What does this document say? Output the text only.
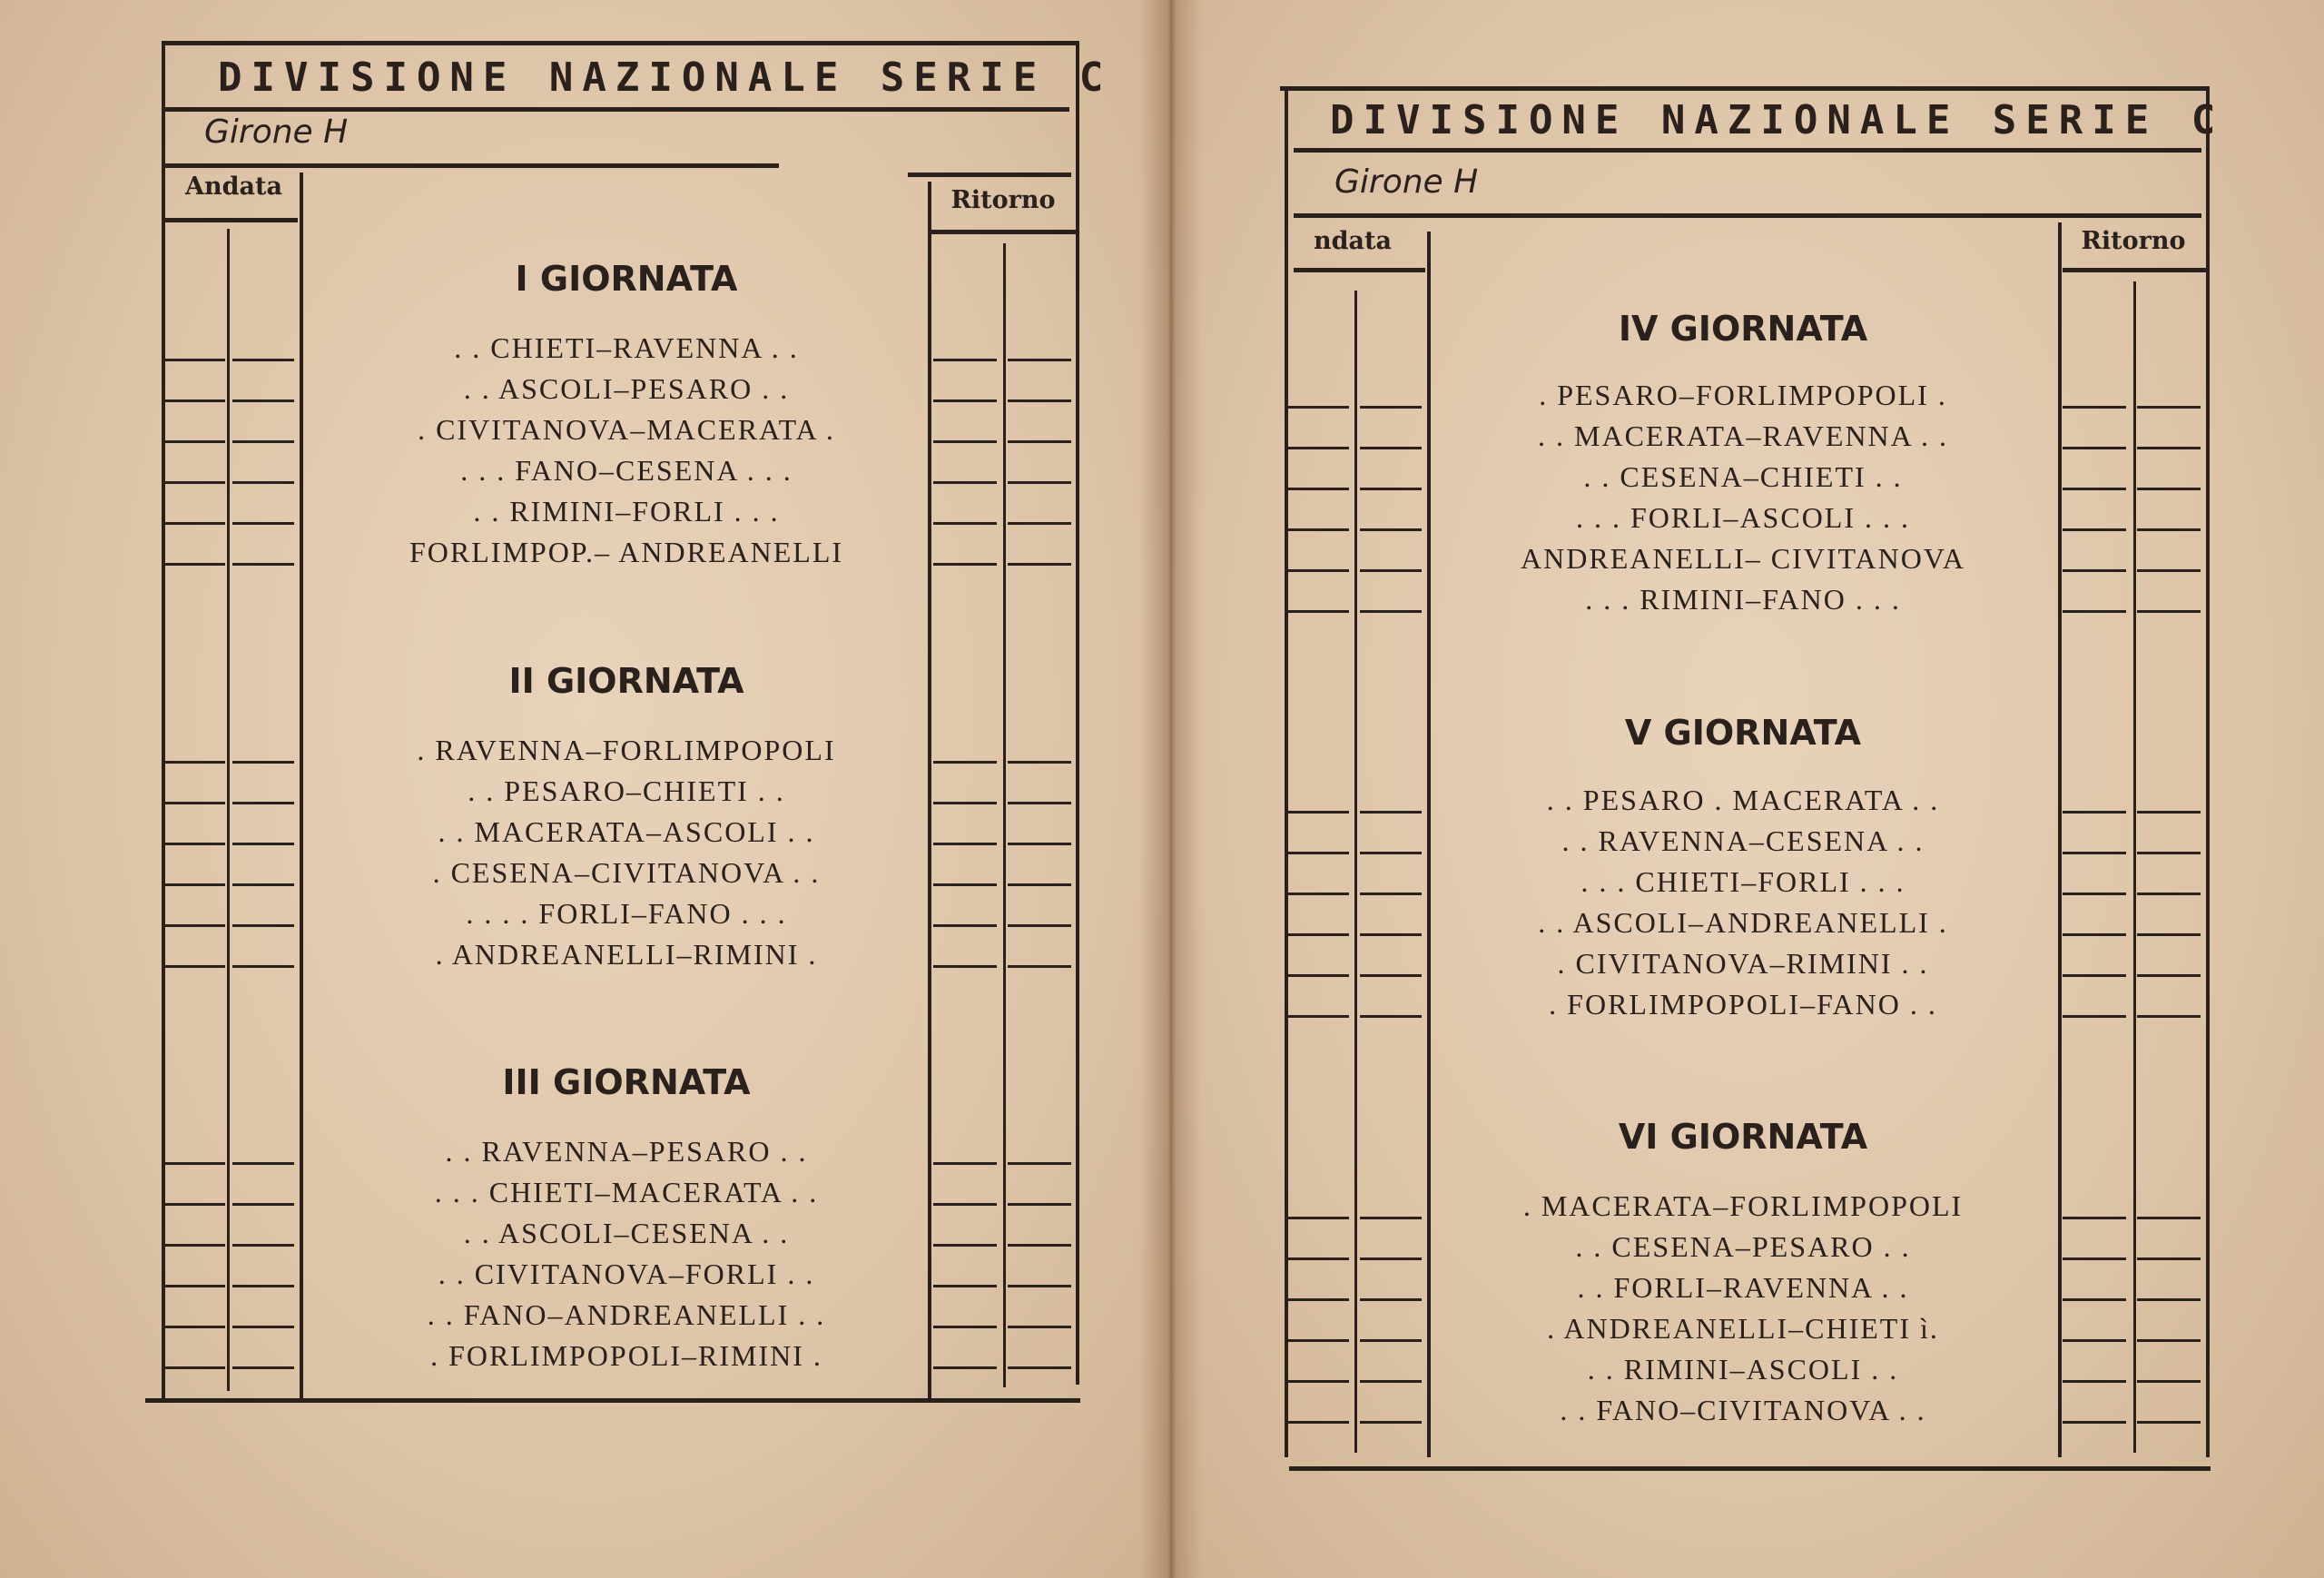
DIVISIONE NAZIONALE SERIE C
Girone H
Andata	Ritorno
I GIORNATA
. . CHIETI–RAVENNA . .
. . ASCOLI–PESARO . .
. CIVITANOVA–MACERATA .
. . . FANO–CESENA . . .
. . RIMINI–FORLI . . .
FORLIMPOP.– ANDREANELLI
II GIORNATA
. RAVENNA–FORLIMPOPOLI
. . PESARO–CHIETI . .
. . MACERATA–ASCOLI . .
. CESENA–CIVITANOVA . .
. . . . FORLI–FANO . . .
. ANDREANELLI–RIMINI .
III GIORNATA
. . RAVENNA–PESARO . .
. . . CHIETI–MACERATA . .
. . ASCOLI–CESENA . .
. . CIVITANOVA–FORLI . .
. . FANO–ANDREANELLI . .
. FORLIMPOPOLI–RIMINI .
DIVISIONE NAZIONALE SERIE C
Girone H
ndata	Ritorno
IV GIORNATA
. PESARO–FORLIMPOPOLI .
. . MACERATA–RAVENNA . .
. . CESENA–CHIETI . .
. . . FORLI–ASCOLI . . .
ANDREANELLI– CIVITANOVA
. . . RIMINI–FANO . . .
V GIORNATA
. . PESARO . MACERATA . .
. . RAVENNA–CESENA . .
. . . CHIETI–FORLI . . .
. . ASCOLI–ANDREANELLI .
. CIVITANOVA–RIMINI . .
. FORLIMPOPOLI–FANO . .
VI GIORNATA
. MACERATA–FORLIMPOPOLI
. . CESENA–PESARO . .
. . FORLI–RAVENNA . .
. ANDREANELLI–CHIETI ì.
. . RIMINI–ASCOLI . .
. . FANO–CIVITANOVA . .
